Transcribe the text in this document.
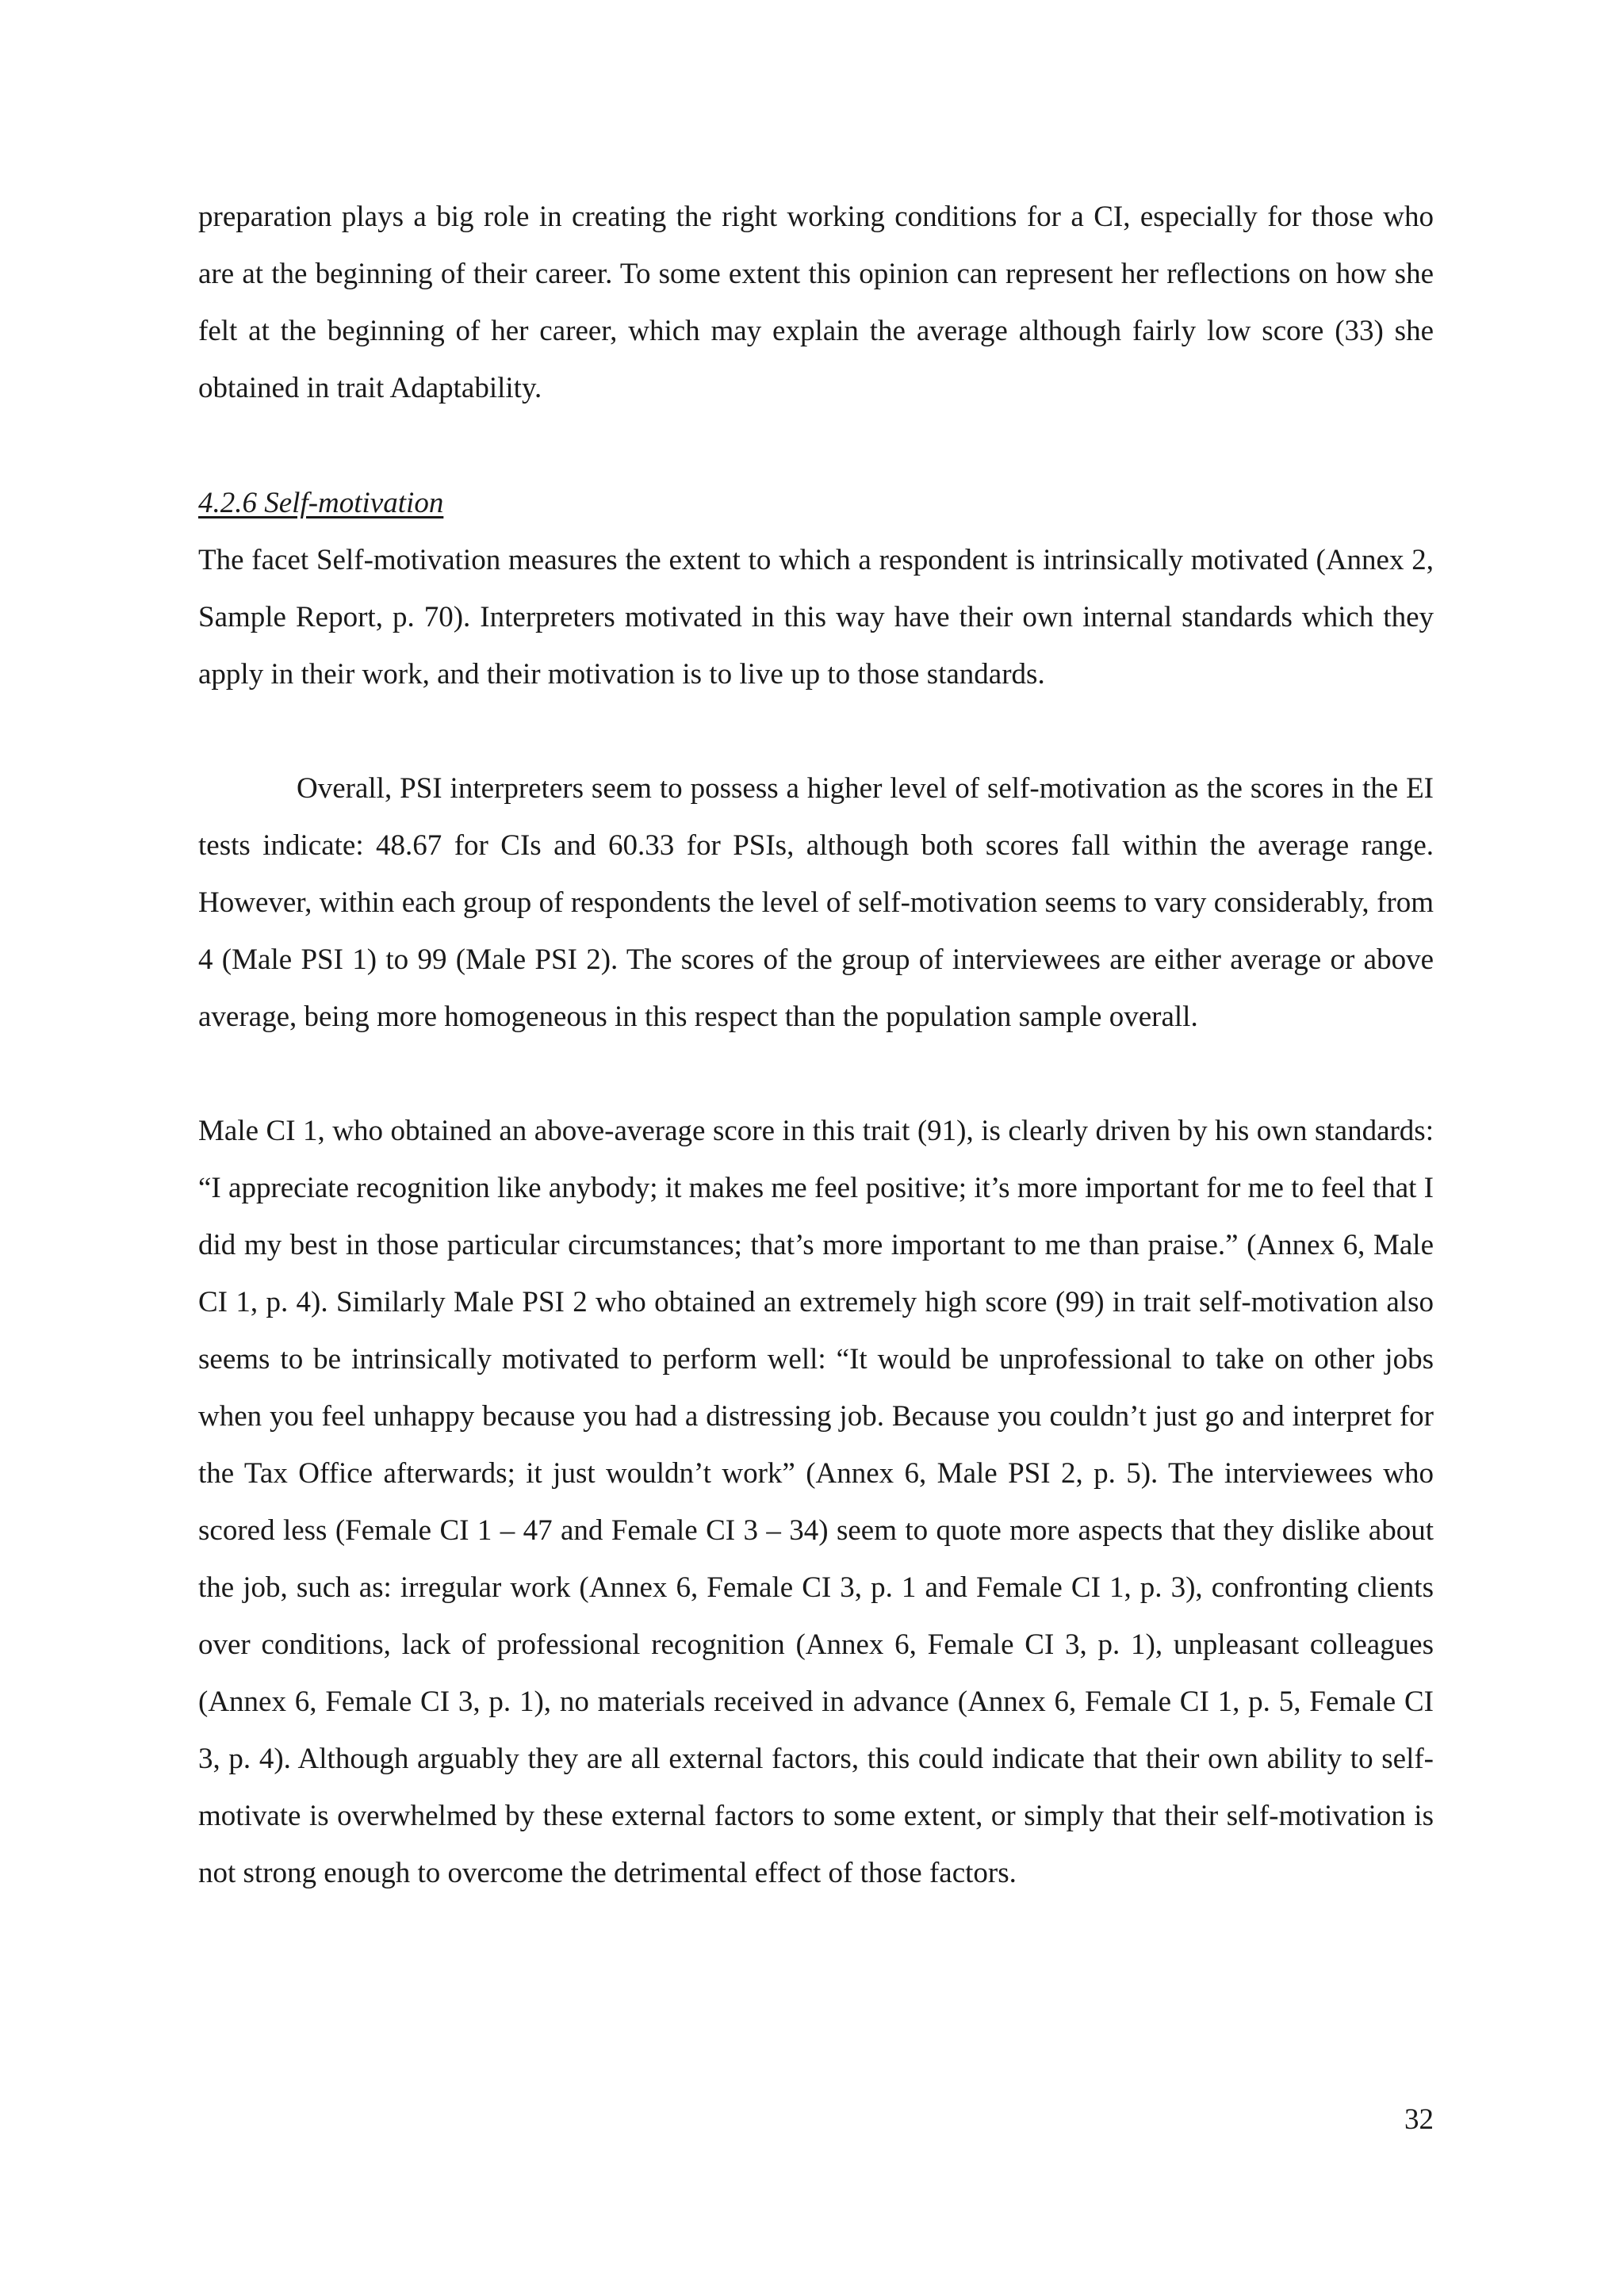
preparation plays a big role in creating the right working conditions for a CI, especially for those who are at the beginning of their career. To some extent this opinion can represent her reflections on how she felt at the beginning of her career, which may explain the average although fairly low score (33) she obtained in trait Adaptability.

4.2.6 Self-motivation

The facet Self-motivation measures the extent to which a respondent is intrinsically motivated (Annex 2, Sample Report, p. 70). Interpreters motivated in this way have their own internal standards which they apply in their work, and their motivation is to live up to those standards.

Overall, PSI interpreters seem to possess a higher level of self-motivation as the scores in the EI tests indicate: 48.67 for CIs and 60.33 for PSIs, although both scores fall within the average range. However, within each group of respondents the level of self-motivation seems to vary considerably, from 4 (Male PSI 1) to 99 (Male PSI 2). The scores of the group of interviewees are either average or above average, being more homogeneous in this respect than the population sample overall.

Male CI 1, who obtained an above-average score in this trait (91), is clearly driven by his own standards: “I appreciate recognition like anybody; it makes me feel positive; it’s more important for me to feel that I did my best in those particular circumstances; that’s more important to me than praise.” (Annex 6, Male CI 1, p. 4). Similarly Male PSI 2 who obtained an extremely high score (99) in trait self-motivation also seems to be intrinsically motivated to perform well: “It would be unprofessional to take on other jobs when you feel unhappy because you had a distressing job. Because you couldn’t just go and interpret for the Tax Office afterwards; it just wouldn’t work” (Annex 6, Male PSI 2, p. 5). The interviewees who scored less (Female CI 1 – 47 and Female CI 3 – 34) seem to quote more aspects that they dislike about the job, such as: irregular work (Annex 6, Female CI 3, p. 1 and Female CI 1, p. 3), confronting clients over conditions, lack of professional recognition (Annex 6, Female CI 3, p. 1), unpleasant colleagues (Annex 6, Female CI 3, p. 1), no materials received in advance (Annex 6, Female CI 1, p. 5, Female CI 3, p. 4). Although arguably they are all external factors, this could indicate that their own ability to self-motivate is overwhelmed by these external factors to some extent, or simply that their self-motivation is not strong enough to overcome the detrimental effect of those factors.

32
